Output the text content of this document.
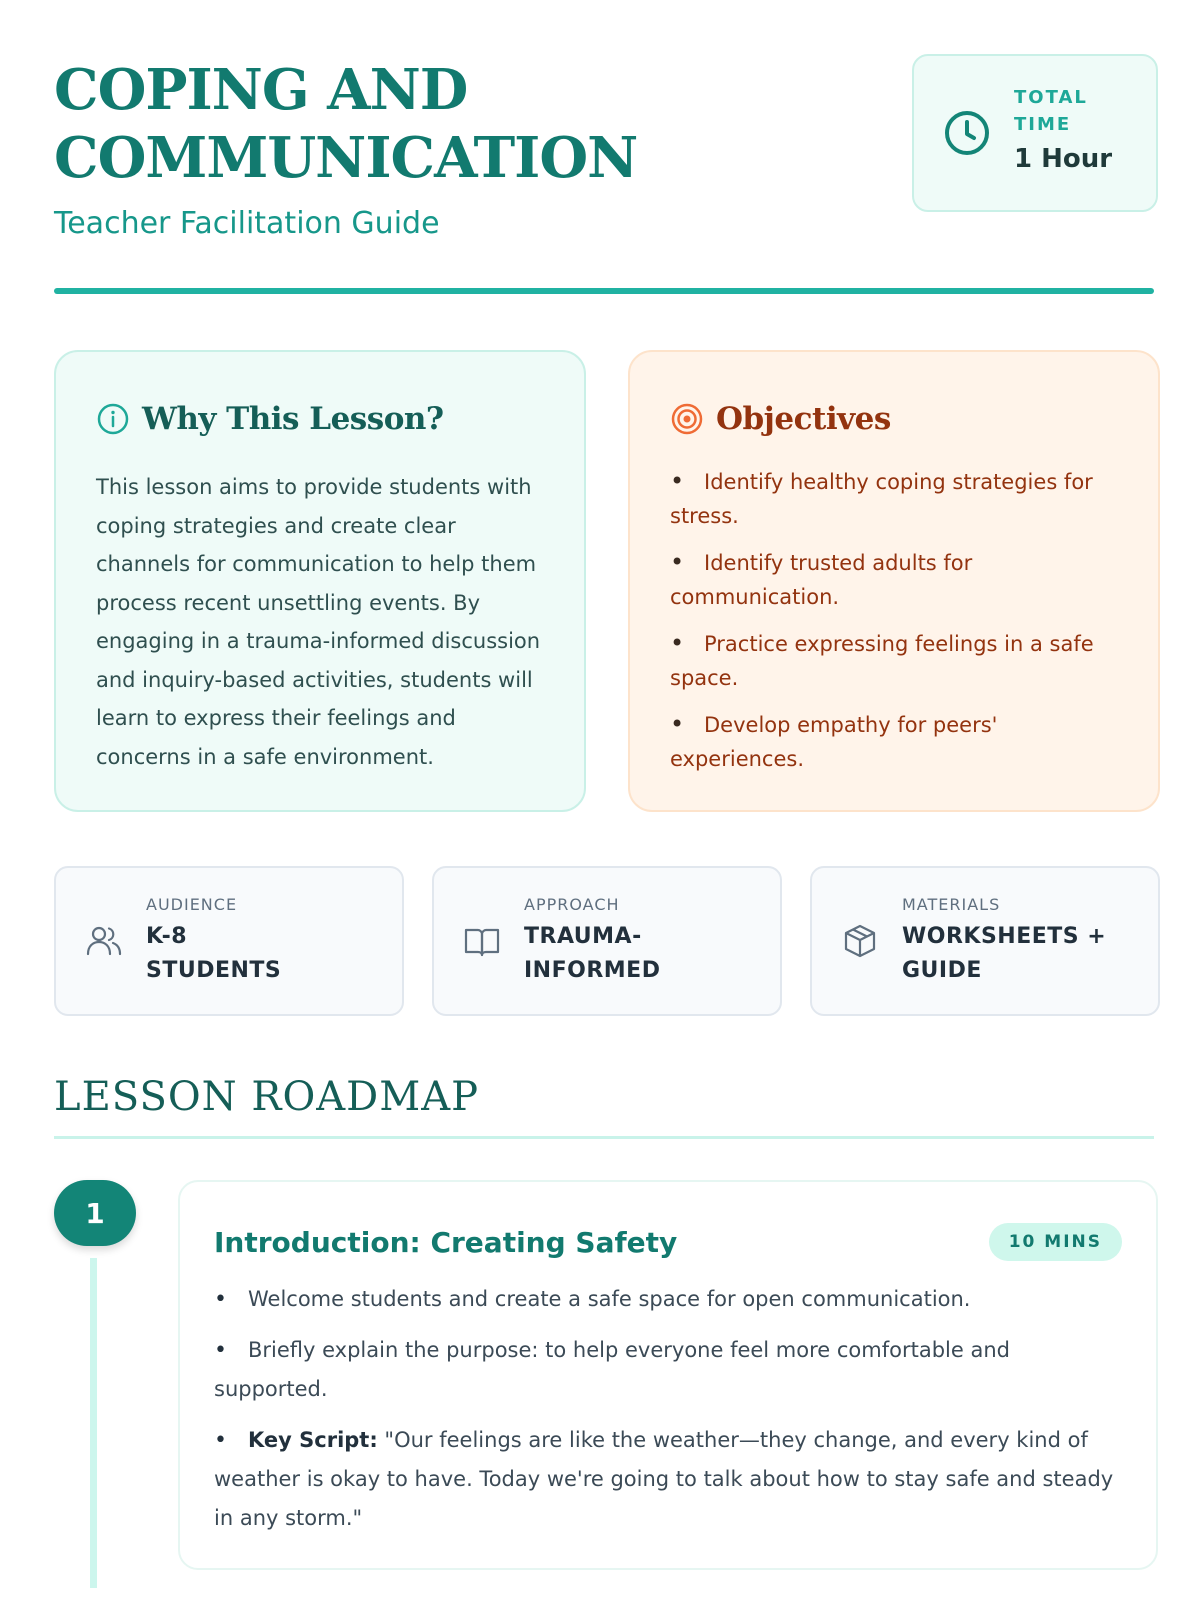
COPING AND
COMMUNICATION
Teacher Facilitation Guide
TOTAL TIME
1 Hour
Why This Lesson?

This lesson aims to provide students with coping strategies and create clear channels for communication to help them process recent unsettling events. By engaging in a trauma-informed discussion and inquiry-based activities, students will learn to express their feelings and concerns in a safe environment.

Objectives
• Identify healthy coping strategies for stress.
• Identify trusted adults for communication.
• Practice expressing feelings in a safe space.
• Develop empathy for peers' experiences.
AUDIENCE
K-8 STUDENTS
APPROACH
TRAUMA-INFORMED
MATERIALS
WORKSHEETS + GUIDE
LESSON ROADMAP
1
Introduction: Creating Safety	10 MINS
• Welcome students and create a safe space for open communication.
• Briefly explain the purpose: to help everyone feel more comfortable and supported.
• Key Script: "Our feelings are like the weather—they change, and every kind of weather is okay to have. Today we're going to talk about how to stay safe and steady in any storm."
